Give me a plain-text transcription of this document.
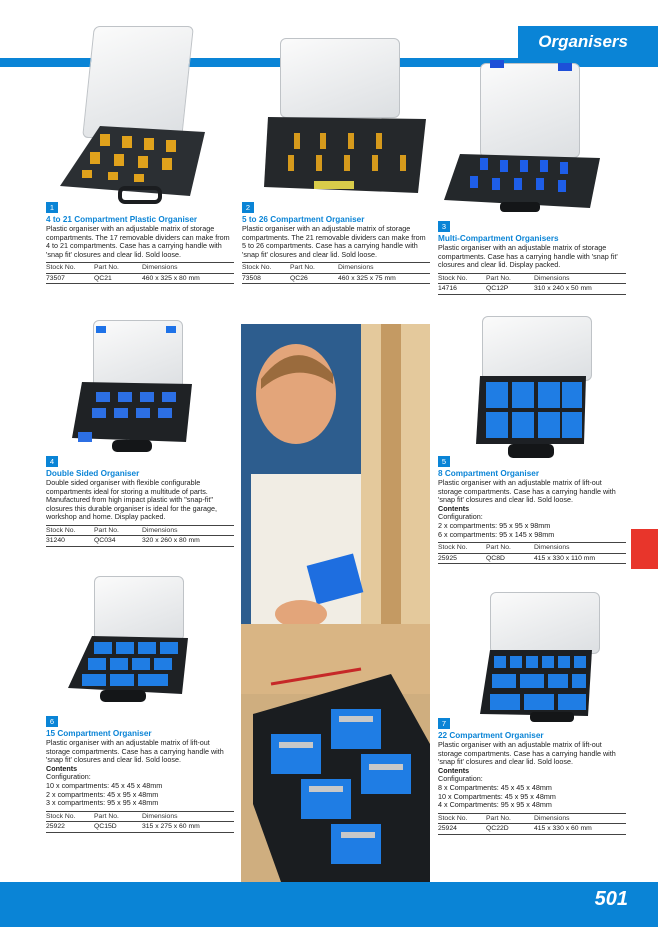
Organisers
1
4 to 21 Compartment Plastic Organiser
Plastic organiser with an adjustable matrix of storage compartments. The 17 removable dividers can make from 4 to 21 compartments. Case has a carrying handle with 'snap fit' closures and clear lid. Sold loose.
Stock No.	Part No.	Dimensions
73507	QC21	460 x 325 x 80 mm
2
5 to 26 Compartment Organiser
Plastic organiser with an adjustable matrix of storage compartments. The 21 removable dividers can make from 5 to 26 compartments. Case has a carrying handle with 'snap fit' closures and clear lid. Sold loose.
Stock No.	Part No.	Dimensions
73508	QC26	460 x 325 x 75 mm
3
Multi-Compartment Organisers
Plastic organiser with an adjustable matrix of storage compartments. Case has a carrying handle with 'snap fit' closures and clear lid. Display packed.
Stock No.	Part No.	Dimensions
14716	QC12P	310 x 240 x 50 mm
4
Double Sided Organiser
Double sided organiser with flexible configurable compartments ideal for storing a multitude of parts. Manufactured from high impact plastic with "snap-fit" closures this durable organiser is ideal for the garage, workshop and home. Display packed.
Stock No.	Part No.	Dimensions
31240	QC034	320 x 260 x 80 mm
5
8 Compartment Organiser
Plastic organiser with an adjustable matrix of lift-out storage compartments. Case has a carrying handle with 'snap fit' closures and clear lid. Sold loose.
Contents
Configuration:
2 x compartments: 95 x 95 x 98mm
6 x compartments: 95 x 145 x 98mm
Stock No.	Part No.	Dimensions
25925	QC8D	415 x 330 x 110 mm
6
15 Compartment Organiser
Plastic organiser with an adjustable matrix of lift-out storage compartments. Case has a carrying handle with 'snap fit' closures and clear lid. Sold loose.
Contents
Configuration:
10 x compartments: 45 x 45 x 48mm
2 x compartments: 45 x 95 x 48mm
3 x compartments: 95 x 95 x 48mm
Stock No.	Part No.	Dimensions
25922	QC15D	315 x 275 x 60 mm
7
22 Compartment Organiser
Plastic organiser with an adjustable matrix of lift-out storage compartments. Case has a carrying handle with 'snap fit' closures and clear lid. Sold loose.
Contents
Configuration:
8 x Compartments: 45 x 45 x 48mm
10 x Compartments: 45 x 95 x 48mm
4 x Compartments: 95 x 95 x 48mm
Stock No.	Part No.	Dimensions
25924	QC22D	415 x 330 x 60 mm
501
